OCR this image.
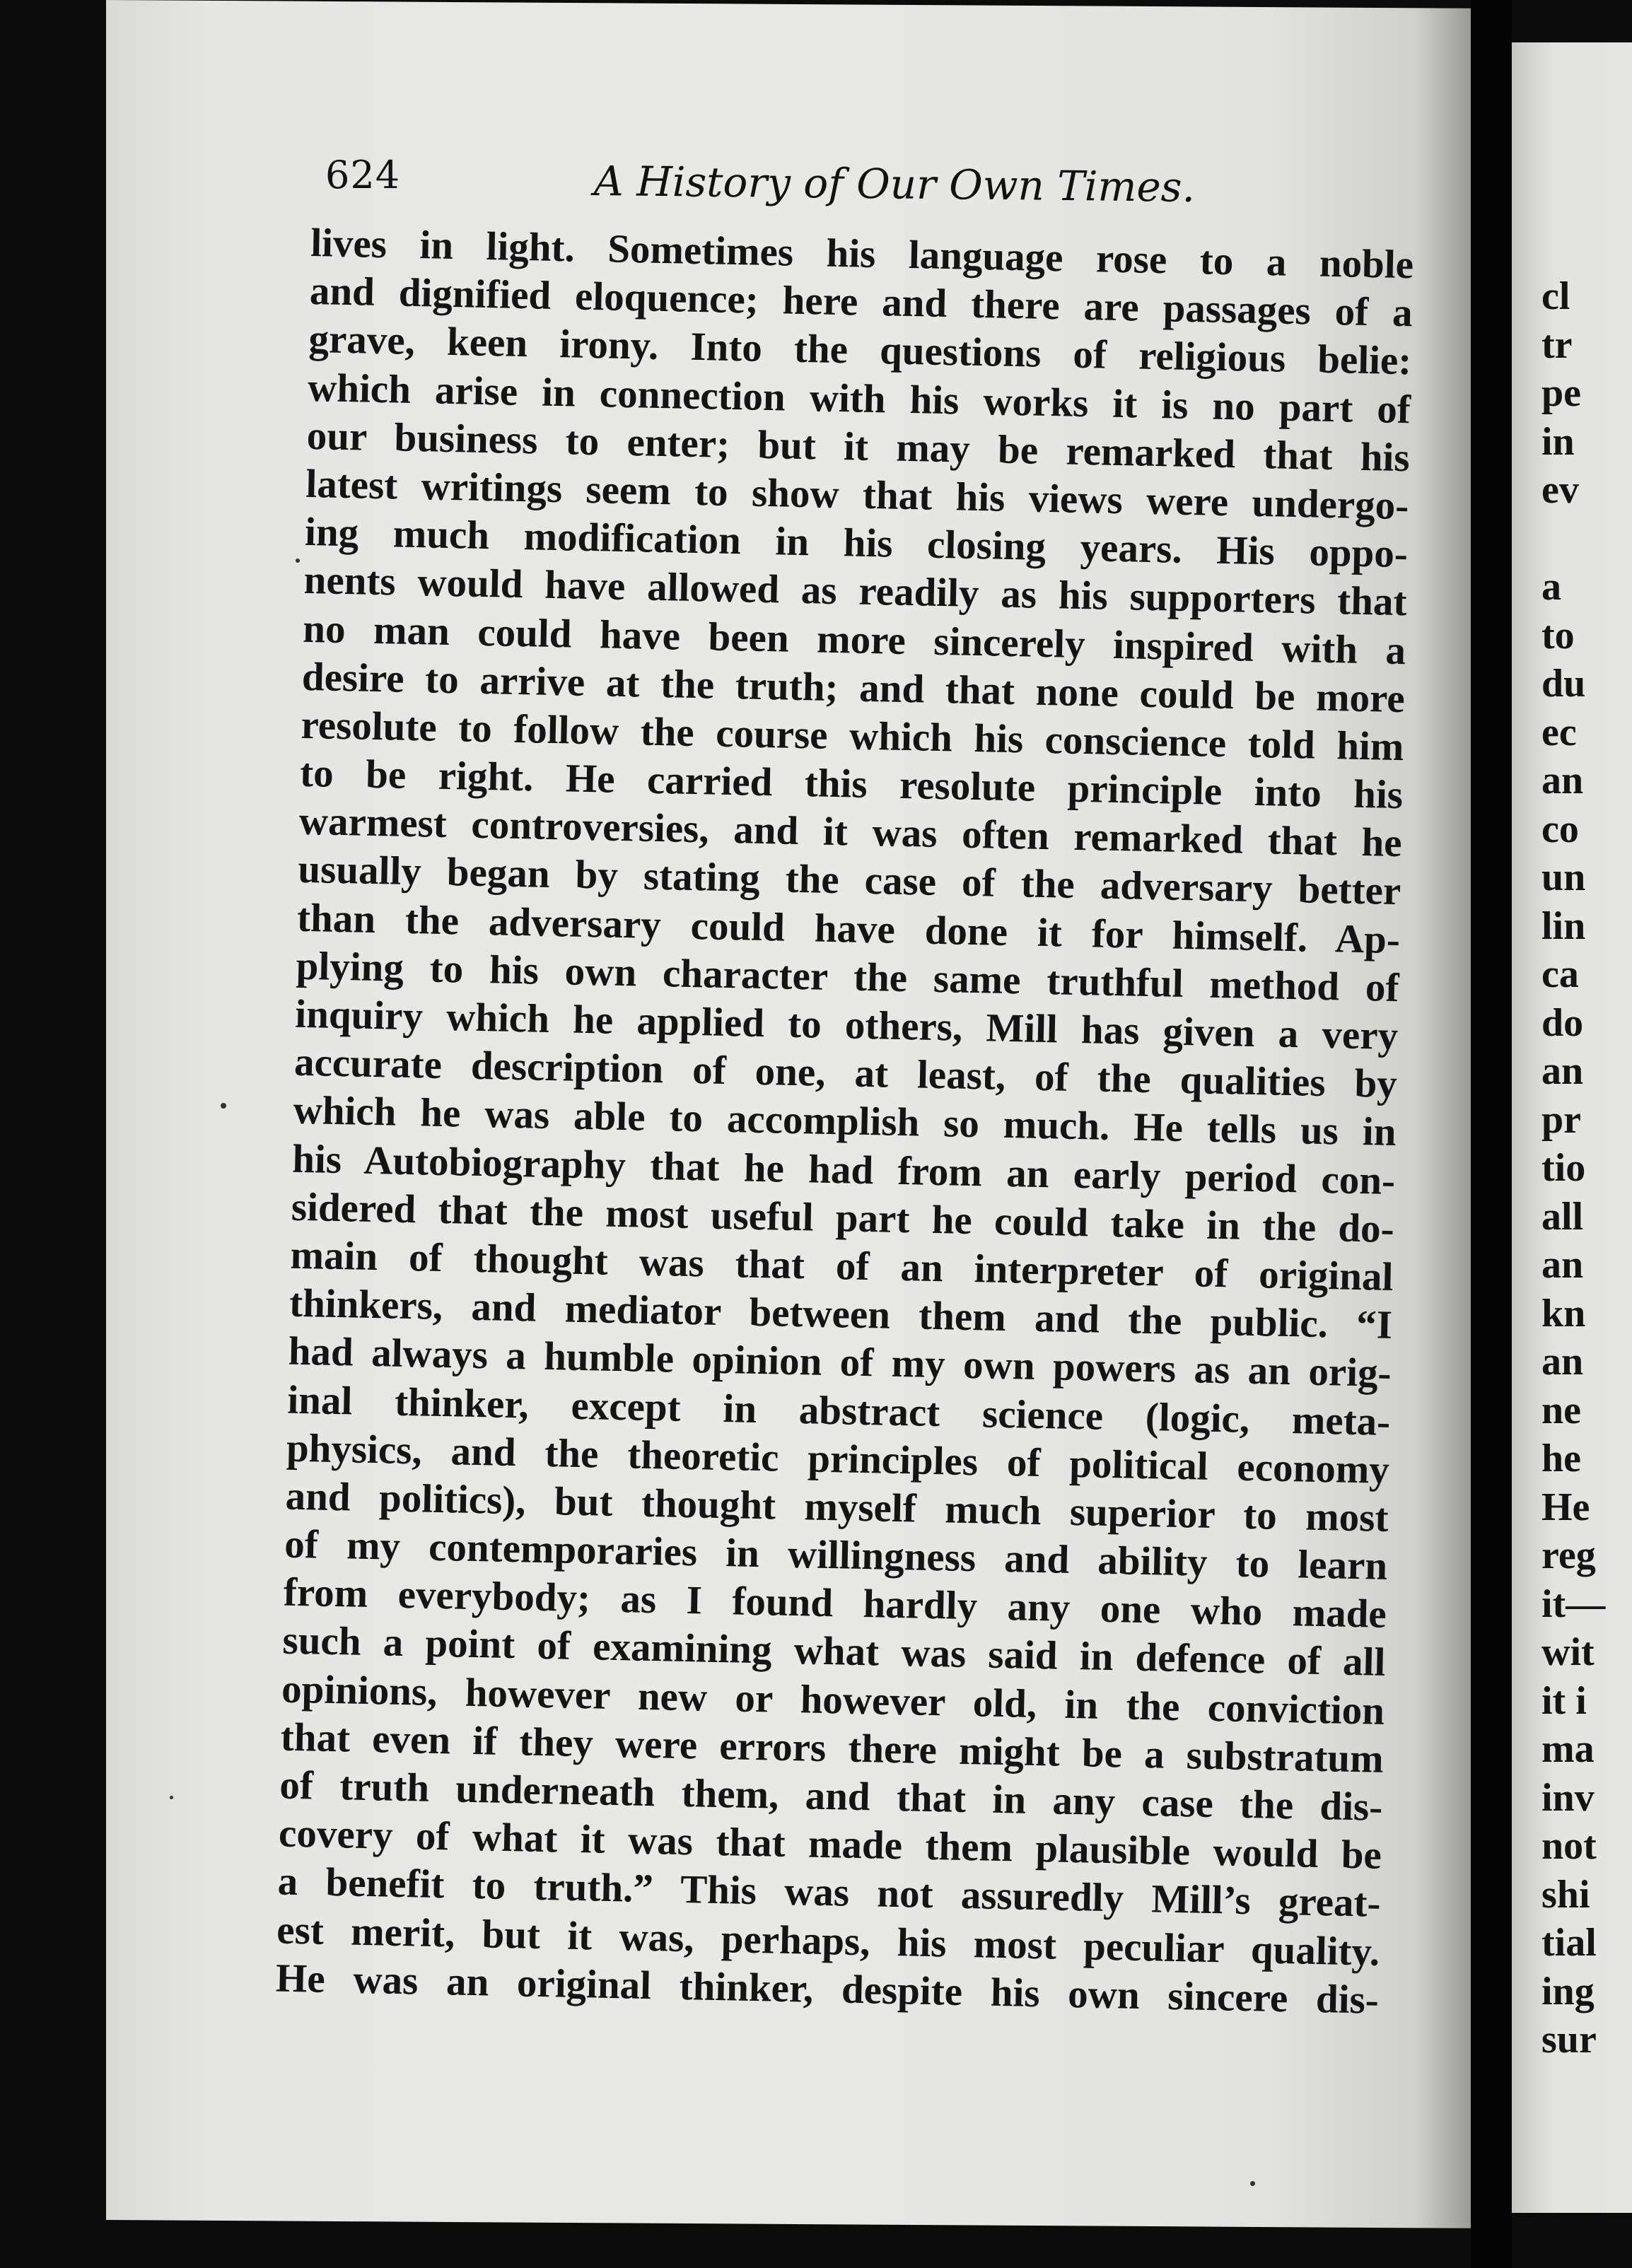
624	A History of Our Own Times.
lives in light. Sometimes his language rose to a noble
and dignified eloquence; here and there are passages of a
grave, keen irony. Into the questions of religious belie:
which arise in connection with his works it is no part of
our business to enter; but it may be remarked that his
latest writings seem to show that his views were undergo-
ing much modification in his closing years. His oppo-
nents would have allowed as readily as his supporters that
no man could have been more sincerely inspired with a
desire to arrive at the truth; and that none could be more
resolute to follow the course which his conscience told him
to be right. He carried this resolute principle into his
warmest controversies, and it was often remarked that he
usually began by stating the case of the adversary better
than the adversary could have done it for himself. Ap-
plying to his own character the same truthful method of
inquiry which he applied to others, Mill has given a very
accurate description of one, at least, of the qualities by
which he was able to accomplish so much. He tells us in
his Autobiography that he had from an early period con-
sidered that the most useful part he could take in the do-
main of thought was that of an interpreter of original
thinkers, and mediator between them and the public. “I
had always a humble opinion of my own powers as an orig-
inal thinker, except in abstract science (logic, meta-
physics, and the theoretic principles of political economy
and politics), but thought myself much superior to most
of my contemporaries in willingness and ability to learn
from everybody; as I found hardly any one who made
such a point of examining what was said in defence of all
opinions, however new or however old, in the conviction
that even if they were errors there might be a substratum
of truth underneath them, and that in any case the dis-
covery of what it was that made them plausible would be
a benefit to truth.” This was not assuredly Mill’s great-
est merit, but it was, perhaps, his most peculiar quality.
He was an original thinker, despite his own sincere dis-
cl
tr
pe
in
ev
a
to
du
ec
an
co
un
lin
ca
do
an
pr
tio
all
an
kn
an
ne
he
He
reg
it—
wit
it i
ma
inv
not
shi
tial
ing
sur
